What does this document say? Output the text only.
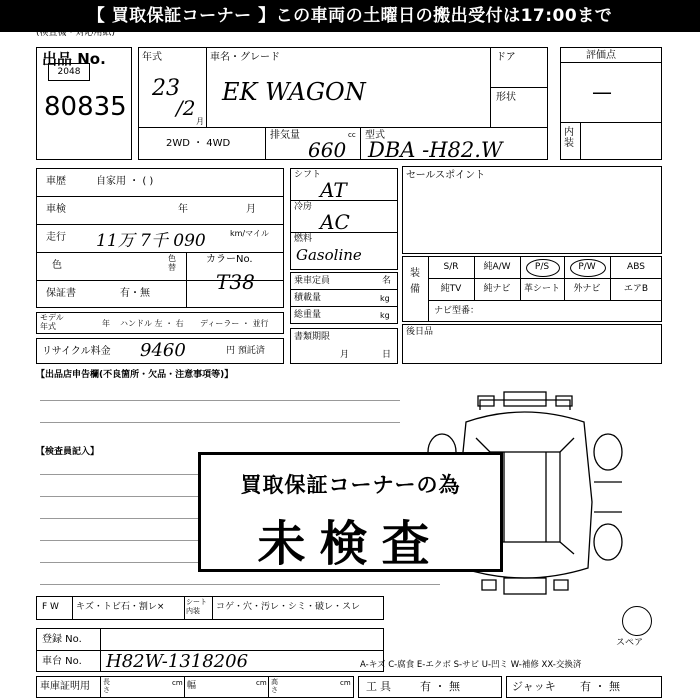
【 買取保証コーナー 】この車両の土曜日の搬出受付は17:00まで
(検査機・対応用紙)
出品 No.
2048
80835
年式
23
/2
月
車名・グレード
EK WAGON
ドア
形状
2WD ・ 4WD
排気量
660
cc 型式
DBA -H82.W
評価点
—
内装
車歴	自家用 ・ ( )
車検	年	月
走行 11万 7千 090	km/マイル
色
色替
カラーNo.
T38
保証書	有・無
モデル年式	年 ハンドル 左 ・ 右 ディーラー ・ 並行
リサイクル料金 9460	円 預託済
シフト
AT
冷房
AC
燃料
Gasoline
乗車定員	名
積載量	kg
総重量	kg
書類期限
月	日
セールスポイント
装備
S/R	純A/W	P/S	P/W	ABS
純TV	純ナビ	革シート	外ナビ	エアB
ナビ型番：
後日品
【出品店申告欄(不良箇所・欠品・注意事項等)】
【検査員記入】
スペア
買取保証コーナーの為
未検査
F W キズ・トビ石・割レ×	シート内装	コゲ・穴・汚レ・シミ・破レ・スレ
登録 No.
車台 No. H82W-1318206	A-キズ C-腐食 E-エクボ S-サビ U-凹ミ W-補修 XX-交換済
車庫証明用 長さ
cm 幅	cm 高さ
cm 工具 有 ・ 無	ジャッキ 有 ・ 無
